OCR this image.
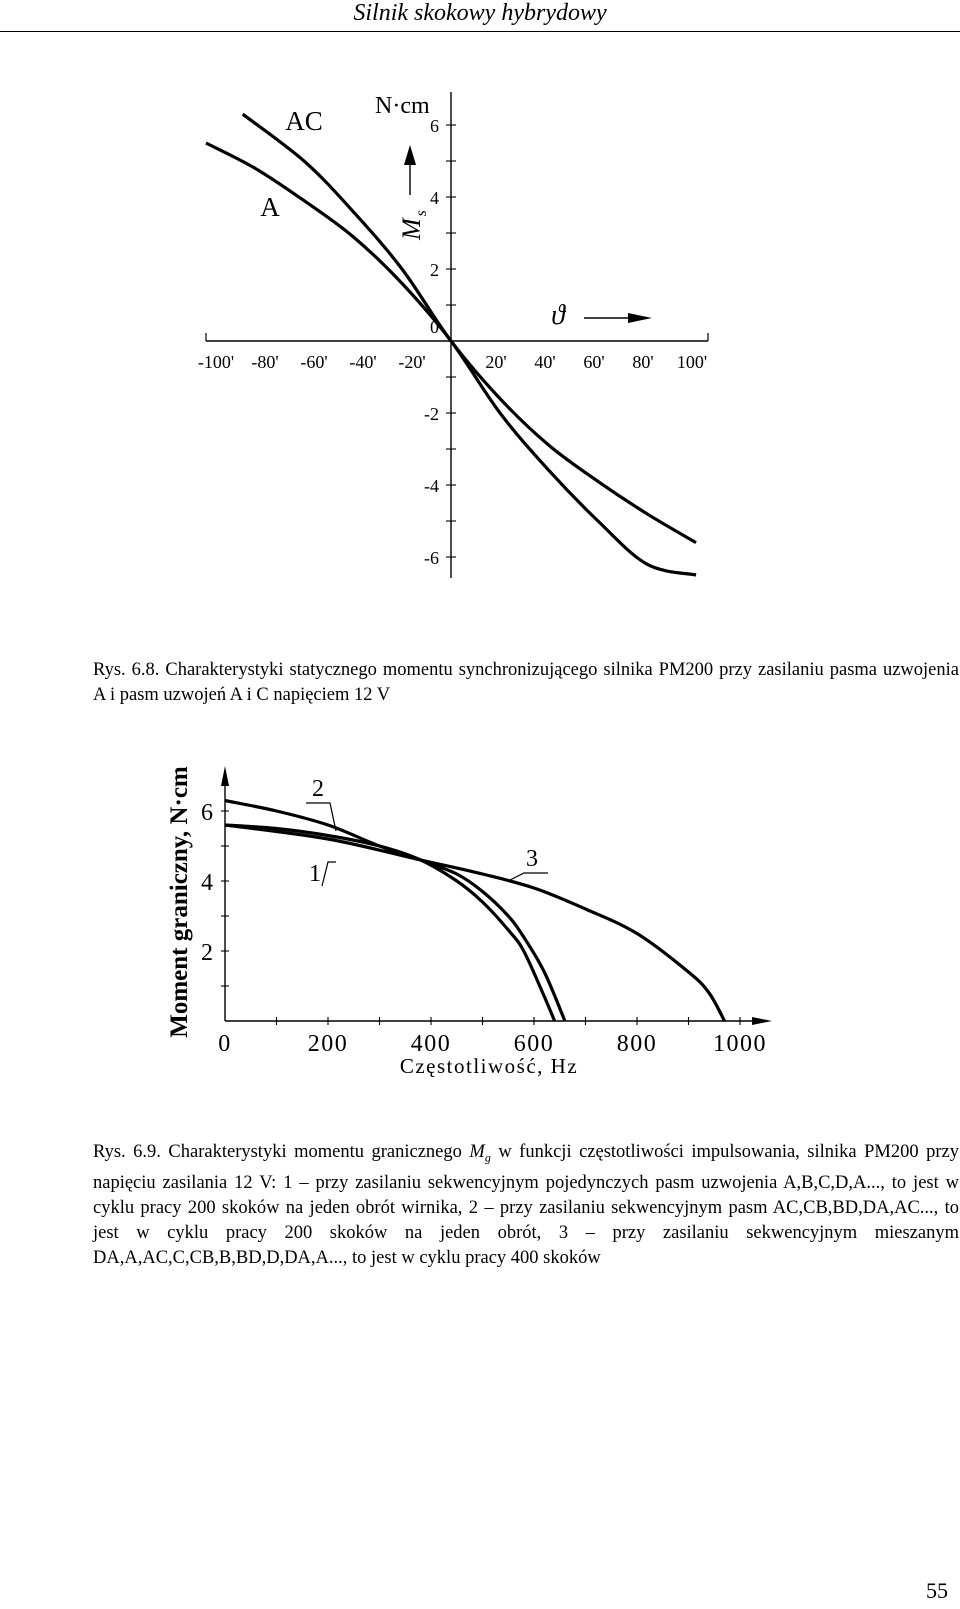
Silnik skokowy hybrydowy
6
4
2
0
-2
-4
-6
-100' -80' -60' -40' -20'	20' 40' 60' 80' 100'
AC
A
N·cm
$M_s$
ϑ

Rys. 6.8. Charakterystyki statycznego momentu synchronizującego silnika PM200 przy zasilaniu pasma uzwojenia A i pasm uzwojeń A i C napięciem 12 V

6
4
2
0	200	400	600	800 1000
Częstotliwość, Hz
Moment graniczny, N·cm	1
2
3

Rys. 6.9. Charakterystyki momentu granicznego $M_g$ w funkcji częstotliwości impulsowania, silnika PM200 przy napięciu zasilania 12 V: 1 – przy zasilaniu sekwencyjnym pojedynczych pasm uzwojenia A,B,C,D,A..., to jest w cyklu pracy 200 skoków na jeden obrót wirnika, 2 – przy zasilaniu sekwencyjnym pasm AC,CB,BD,DA,AC..., to jest w cyklu pracy 200 skoków na jeden obrót, 3 – przy zasilaniu sekwencyjnym mieszanym DA,A,AC,C,CB,B,BD,D,DA,A..., to jest w cyklu pracy 400 skoków

55
